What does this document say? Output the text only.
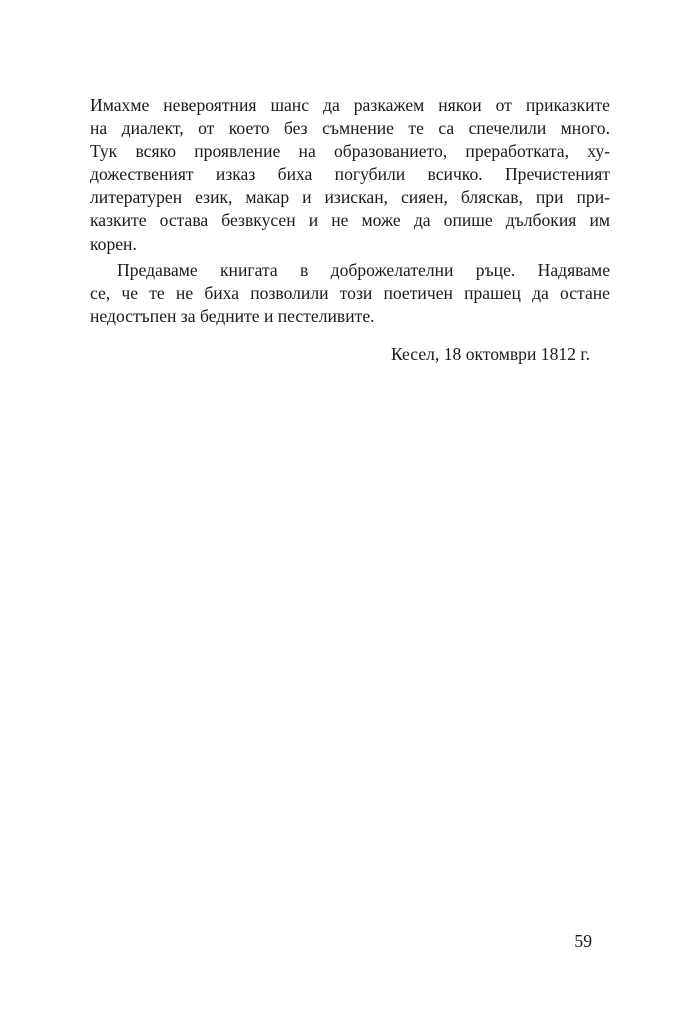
Имахме невероятния шанс да разкажем някои от приказките
на диалект, от което без съмнение те са спечелили много.
Тук всяко проявление на образованието, преработката, ху-
дожественият изказ биха погубили всичко. Пречистеният
литературен език, макар и изискан, сияен, бляскав, при при-
казките остава безвкусен и не може да опише дълбокия им
корен.
Предаваме книгата в доброжелателни ръце. Надяваме
се, че те не биха позволили този поетичен прашец да остане
недостъпен за бедните и пестеливите.
Кесел, 18 октомври 1812 г.
59
